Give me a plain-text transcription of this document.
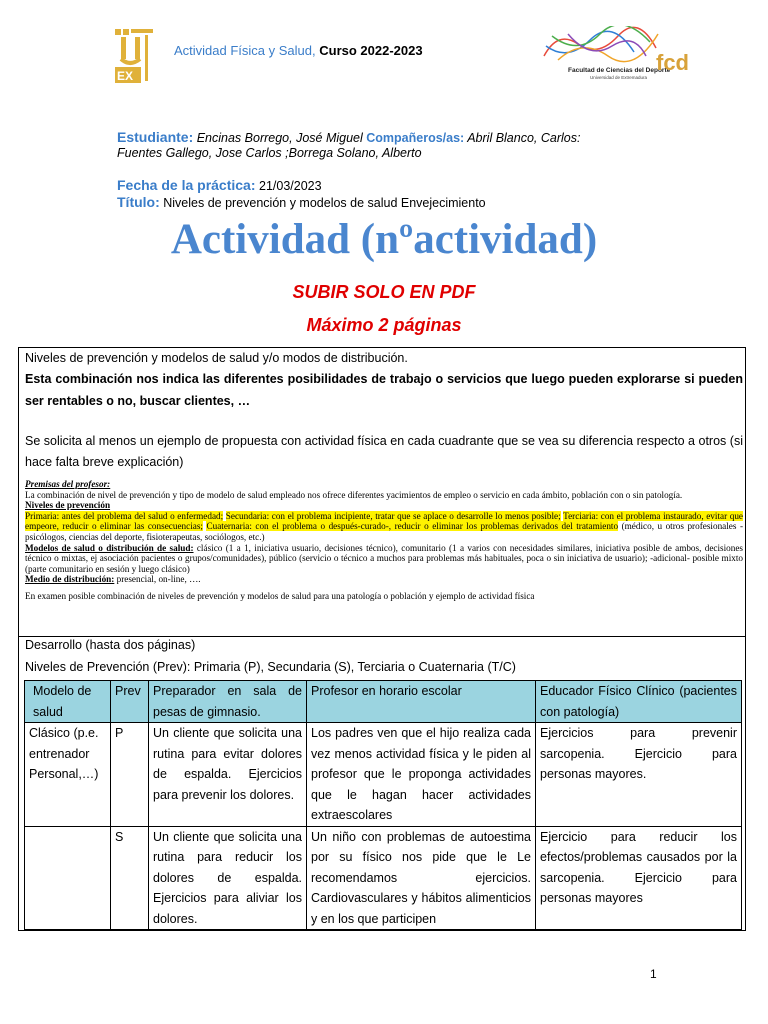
EX
Actividad Física y Salud, Curso 2022-2023
Facultad de Ciencias del Deporte
Universidad de Extremadura
fcd
Estudiante: Encinas Borrego, José Miguel Compañeros/as: Abril Blanco, Carlos:
Fuentes Gallego, Jose Carlos ;Borrega Solano, Alberto
Fecha de la práctica: 21/03/2023
Título: Niveles de prevención y modelos de salud Envejecimiento
Actividad (nºactividad)
SUBIR SOLO EN PDF
Máximo 2 páginas

Niveles de prevención y modelos de salud y/o modos de distribución.

Esta combinación nos indica las diferentes posibilidades de trabajo o servicios que luego pueden explorarse si pueden ser rentables o no, buscar clientes, …

Se solicita al menos un ejemplo de propuesta con actividad física en cada cuadrante que se vea su diferencia respecto a otros (si hace falta breve explicación)

Premisas del profesor:

La combinación de nivel de prevención y tipo de modelo de salud empleado nos ofrece diferentes yacimientos de empleo o servicio en cada ámbito, población con o sin patología.

Niveles de prevención

Primaria: antes del problema del salud o enfermedad; Secundaria: con el problema incipiente, tratar que se aplace o desarrolle lo menos posible; Terciaria: con el problema instaurado, evitar que empeore, reducir o eliminar las consecuencias; Cuaternaria: con el problema o después-curado-, reducir o eliminar los problemas derivados del tratamiento (médico, u otros profesionales -psicólogos, ciencias del deporte, fisioterapeutas, sociólogos, etc.)

Modelos de salud o distribución de salud: clásico (1 a 1, iniciativa usuario, decisiones técnico), comunitario (1 a varios con necesidades similares, iniciativa posible de ambos, decisiones técnico o mixtas, ej asociación pacientes o grupos/comunidades), público (servicio o técnico a muchos para problemas más habituales, poca o sin iniciativa de usuario); -adicional- posible mixto (parte comunitario en sesión y luego clásico)

Medio de distribución: presencial, on-line, ….

En examen posible combinación de niveles de prevención y modelos de salud para una patología o población y ejemplo de actividad física

Desarrollo (hasta dos páginas)
Niveles de Prevención (Prev): Primaria (P), Secundaria (S), Terciaria o Cuaternaria (T/C)
Modelo de salud	Prev	Preparador en sala de pesas de gimnasio.	Profesor en horario escolar	Educador Físico Clínico (pacientes con patología)
Clásico (p.e. entrenador Personal,…)	P	Un cliente que solicita una rutina para evitar dolores de espalda. Ejercicios para prevenir los dolores.	Los padres ven que el hijo realiza cada vez menos actividad física y le piden al profesor que le proponga actividades que le hagan hacer actividades extraescolares	Ejercicios para prevenir sarcopenia. Ejercicio para personas mayores.
	S	Un cliente que solicita una rutina para reducir los dolores de espalda. Ejercicios para aliviar los dolores.	Un niño con problemas de autoestima por su físico nos pide que le Le recomendamos ejercicios. Cardiovasculares y hábitos alimenticios y en los que participen	Ejercicio para reducir los efectos/problemas causados por la sarcopenia. Ejercicio para personas mayores
1
